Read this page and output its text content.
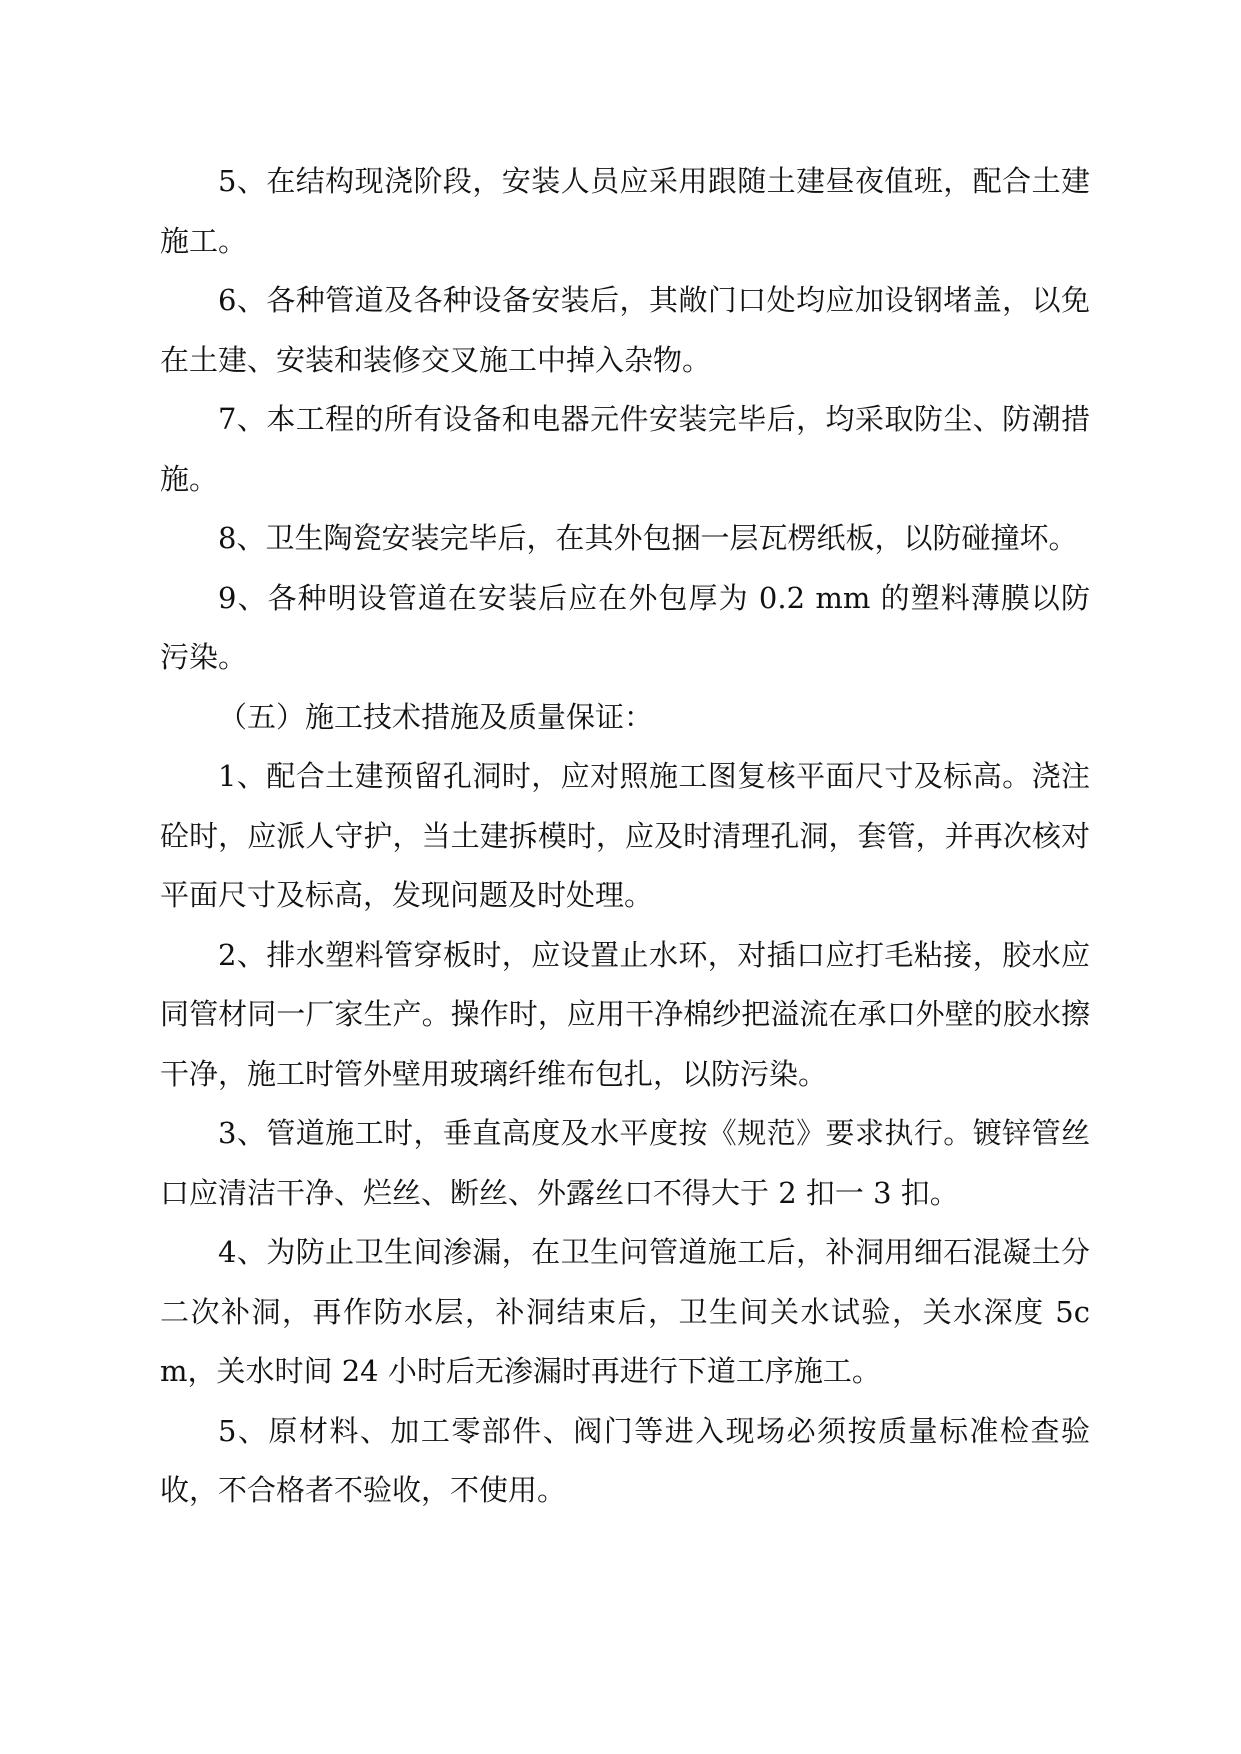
5、在结构现浇阶段，安装人员应采用跟随土建昼夜值班，配合土建施工。

6、各种管道及各种设备安装后，其敞门口处均应加设钢堵盖，以免在土建、安装和装修交叉施工中掉入杂物。

7、本工程的所有设备和电器元件安装完毕后，均采取防尘、防潮措施。

8、卫生陶瓷安装完毕后，在其外包捆一层瓦楞纸板，以防碰撞坏。

9、各种明设管道在安装后应在外包厚为 0.2 mm 的塑料薄膜以防污染。

（五）施工技术措施及质量保证：

1、配合土建预留孔洞时，应对照施工图复核平面尺寸及标高。浇注砼时，应派人守护，当土建拆模时，应及时清理孔洞，套管，并再次核对平面尺寸及标高，发现问题及时处理。

2、排水塑料管穿板时，应设置止水环，对插口应打毛粘接，胶水应同管材同一厂家生产。操作时，应用干净棉纱把溢流在承口外壁的胶水擦干净，施工时管外壁用玻璃纤维布包扎，以防污染。

3、管道施工时，垂直高度及水平度按《规范》要求执行。镀锌管丝口应清洁干净、烂丝、断丝、外露丝口不得大于 2 扣一 3 扣。

4、为防止卫生间渗漏，在卫生问管道施工后，补洞用细石混凝土分二次补洞，再作防水层，补洞结束后，卫生间关水试验，关水深度 5cm，关水时间 24 小时后无渗漏时再进行下道工序施工。

5、原材料、加工零部件、阀门等进入现场必须按质量标准检查验收，不合格者不验收，不使用。
